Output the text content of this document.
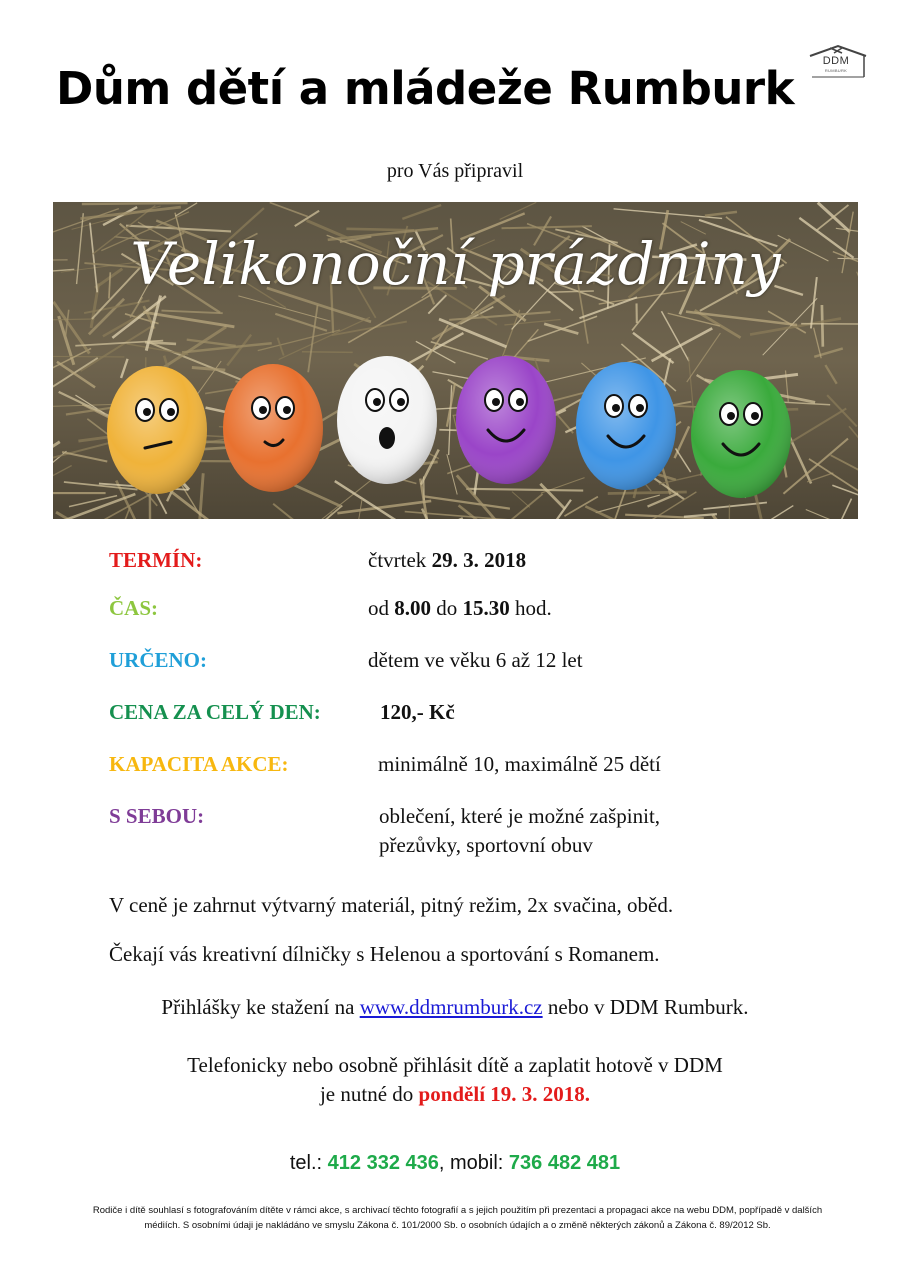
Dům dětí a mládeže Rumburk
DDM
RUMBURK
pro Vás připravil
Velikonoční prázdniny
TERMÍN:	čtvrtek 29. 3. 2018
ČAS:	od 8.00 do 15.30 hod.
URČENO:	dětem ve věku 6 až 12 let
CENA ZA CELÝ DEN:	120,- Kč
KAPACITA AKCE:	minimálně 10, maximálně 25 dětí
S SEBOU:	oblečení, které je možné zašpinit,
přezůvky, sportovní obuv
V ceně je zahrnut výtvarný materiál, pitný režim, 2x svačina, oběd.
Čekají vás kreativní dílničky s Helenou a sportování s Romanem.
Přihlášky ke stažení na www.ddmrumburk.cz nebo v DDM Rumburk.
Telefonicky nebo osobně přihlásit dítě a zaplatit hotově v DDM
je nutné do pondělí 19. 3. 2018.
tel.: 412 332 436, mobil: 736 482 481
Rodiče i dítě souhlasí s fotografováním dítěte v rámci akce, s archivací těchto fotografií a s jejich použitím při prezentaci a propagaci akce na webu DDM, popřípadě v dalších médiích. S osobními údaji je nakládáno ve smyslu Zákona č. 101/2000 Sb. o osobních údajích a o změně některých zákonů a Zákona č. 89/2012 Sb.
